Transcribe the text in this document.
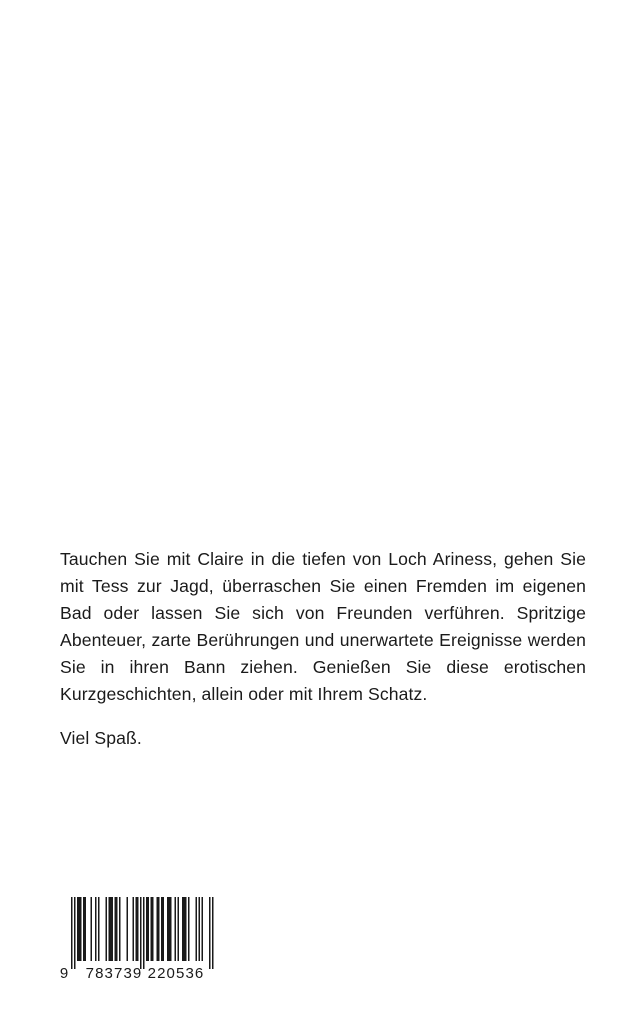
Tauchen Sie mit Claire in die tiefen von Loch Ariness, gehen Sie mit Tess zur Jagd, überraschen Sie einen Fremden im eigenen Bad oder lassen Sie sich von Freunden verführen. Spritzige Abenteuer, zarte Berührungen und unerwartete Ereignisse werden Sie in ihren Bann ziehen. Genießen Sie diese erotischen Kurzgeschichten, allein oder mit Ihrem Schatz.

Viel Spaß.

9 783739 220536
